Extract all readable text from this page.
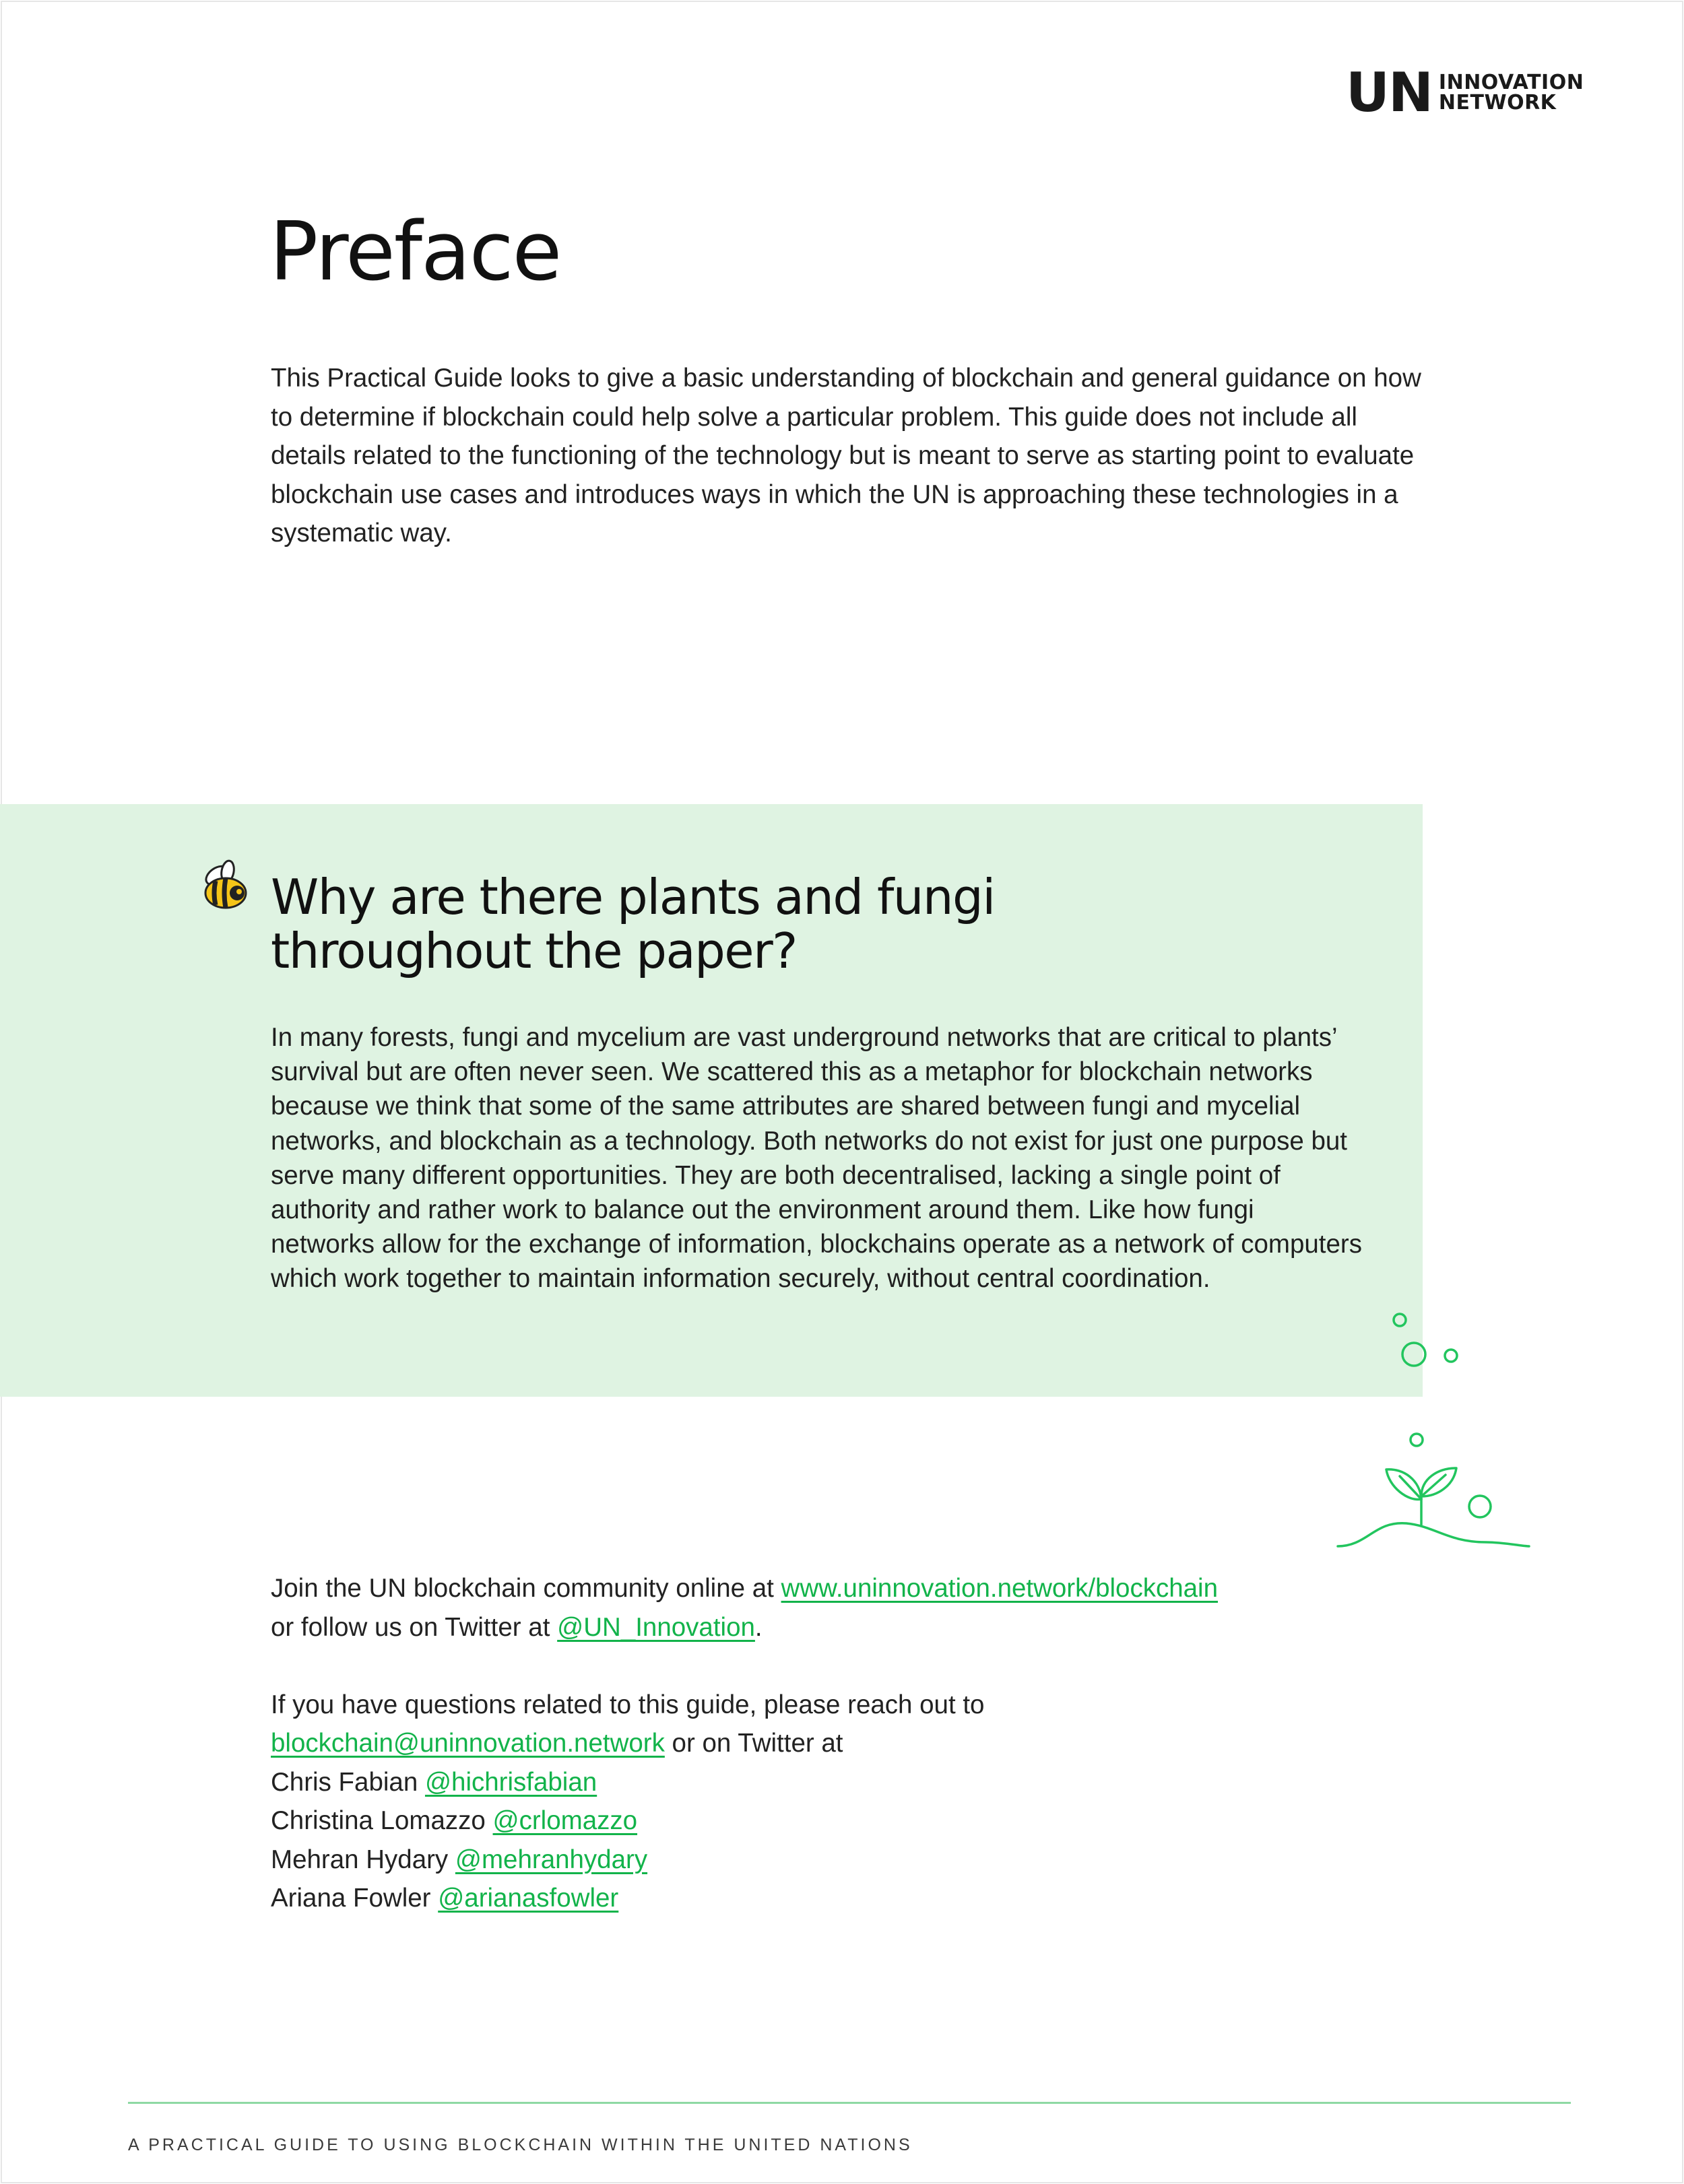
UN INNOVATION
NETWORK
Preface

This Practical Guide looks to give a basic understanding of blockchain and general guidance on how to determine if blockchain could help solve a particular problem. This guide does not include all details related to the functioning of the technology but is meant to serve as starting point to evaluate blockchain use cases and introduces ways in which the UN is approaching these technologies in a systematic way.

Why are there plants and fungi throughout the paper?

In many forests, fungi and mycelium are vast underground networks that are critical to plants’ survival but are often never seen. We scattered this as a metaphor for blockchain networks because we think that some of the same attributes are shared between fungi and mycelial networks, and blockchain as a technology. Both networks do not exist for just one purpose but serve many different opportunities. They are both decentralised, lacking a single point of authority and rather work to balance out the environment around them. Like how fungi networks allow for the exchange of information, blockchains operate as a network of computers which work together to maintain information securely, without central coordination.

Join the UN blockchain community online at www.uninnovation.network/blockchain

or follow us on Twitter at @UN_Innovation.

If you have questions related to this guide, please reach out to

blockchain@uninnovation.network or on Twitter at

Chris Fabian @hichrisfabian

Christina Lomazzo @crlomazzo

Mehran Hydary @mehranhydary

Ariana Fowler @arianasfowler

A PRACTICAL GUIDE TO USING BLOCKCHAIN WITHIN THE UNITED NATIONS
